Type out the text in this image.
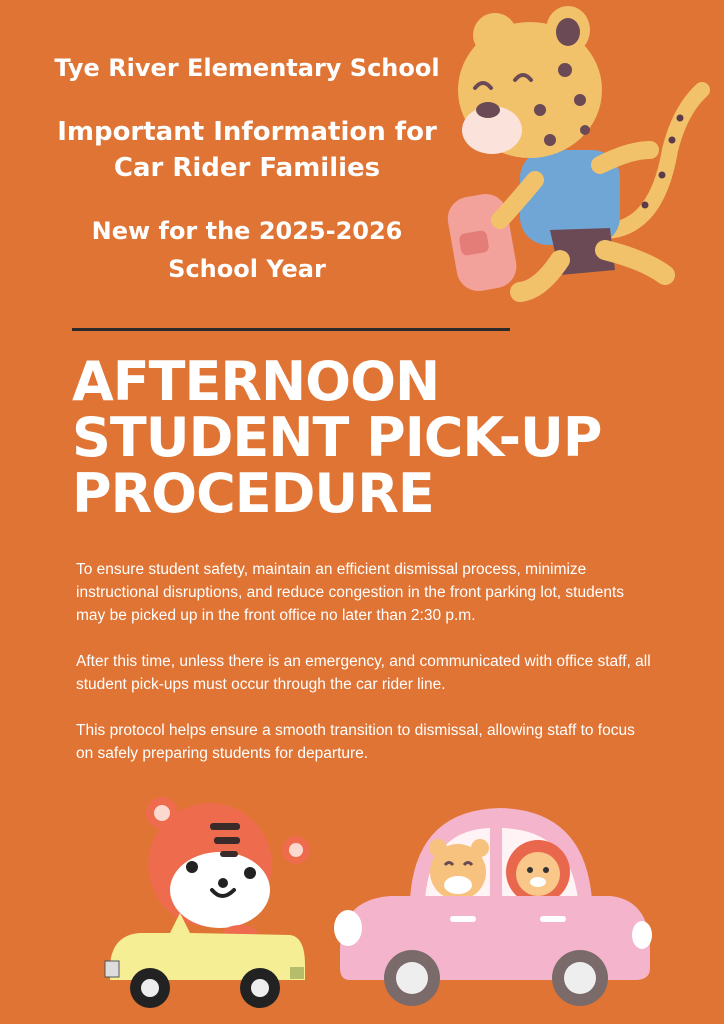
Tye River Elementary School
Important Information for
Car Rider Families
New for the 2025-2026
School Year
AFTERNOON
STUDENT PICK-UP
PROCEDURE

To ensure student safety, maintain an efficient dismissal process, minimize instructional disruptions, and reduce congestion in the front parking lot, students may be picked up in the front office no later than 2:30 p.m.

After this time, unless there is an emergency, and communicated with office staff, all student pick-ups must occur through the car rider line.

This protocol helps ensure a smooth transition to dismissal, allowing staff to focus on safely preparing students for departure.
